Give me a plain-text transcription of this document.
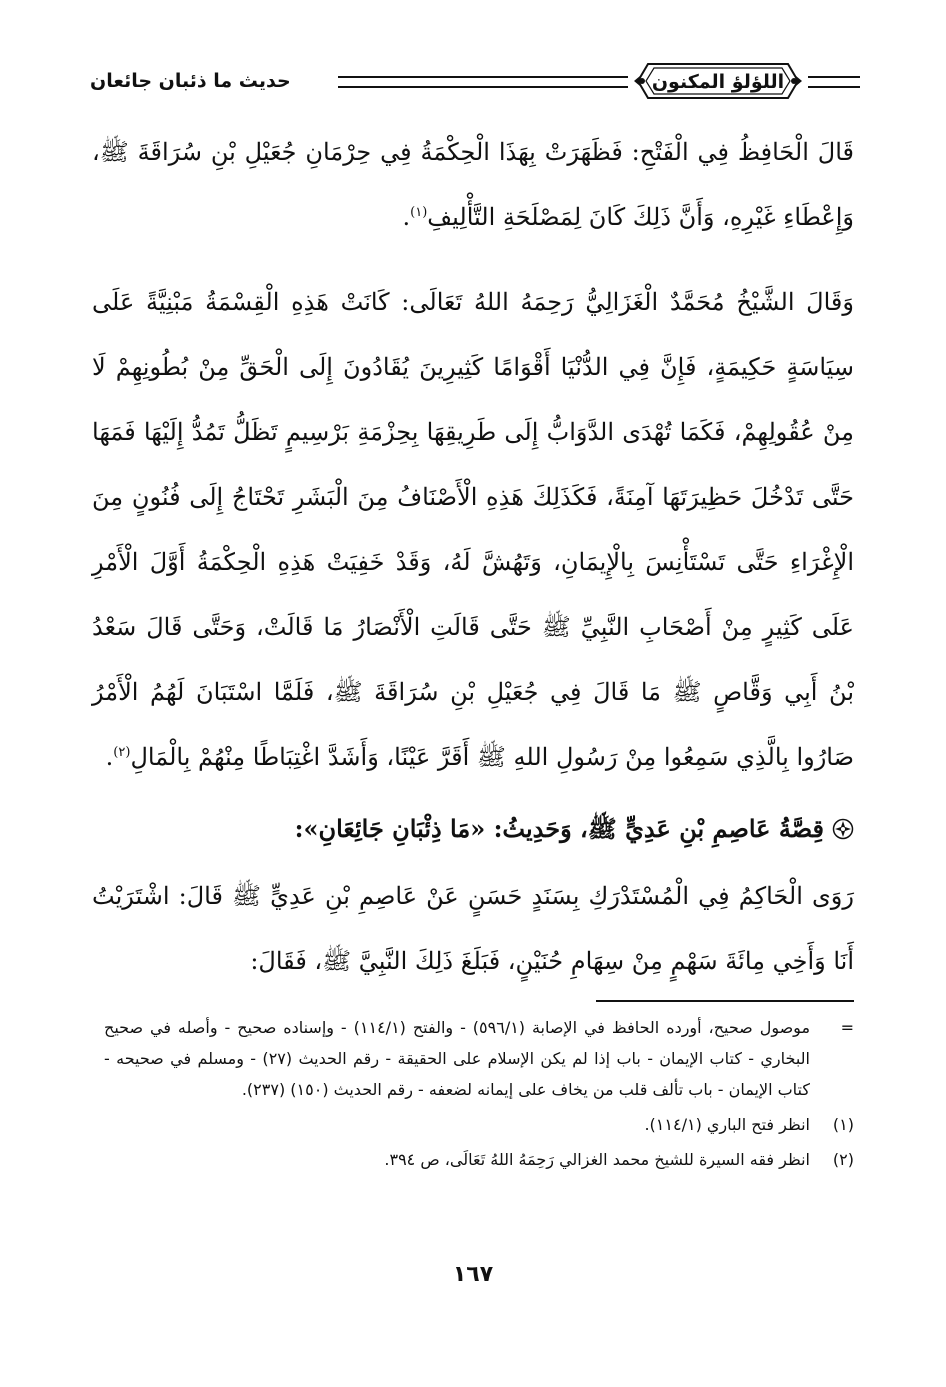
اللؤلؤ المكنون
حديث ما ذئبان جائعان

قَالَ الْحَافِظُ فِي الْفَتْحِ: فَظَهَرَتْ بِهَذَا الْحِكْمَةُ فِي حِرْمَانِ جُعَيْلِ بْنِ سُرَاقَةَ ﷺ، وَإِعْطَاءِ غَيْرِهِ، وَأَنَّ ذَلِكَ كَانَ لِمَصْلَحَةِ التَّأْلِيفِ$^{(١)}$.

وَقَالَ الشَّيْخُ مُحَمَّدٌ الْغَزَالِيُّ رَحِمَهُ اللهُ تَعَالَى: كَانَتْ هَذِهِ الْقِسْمَةُ مَبْنِيَّةً عَلَى سِيَاسَةٍ حَكِيمَةٍ، فَإِنَّ فِي الدُّنْيَا أَقْوَامًا كَثِيرِينَ يُقَادُونَ إِلَى الْحَقِّ مِنْ بُطُونِهِمْ لَا مِنْ عُقُولِهِمْ، فَكَمَا تُهْدَى الدَّوَابُّ إِلَى طَرِيقِهَا بِحِزْمَةِ بَرْسِيمٍ تَظَلُّ تَمُدُّ إِلَيْهَا فَمَهَا حَتَّى تَدْخُلَ حَظِيرَتَهَا آمِنَةً، فَكَذَلِكَ هَذِهِ الْأَصْنَافُ مِنَ الْبَشَرِ تَحْتَاجُ إِلَى فُنُونٍ مِنَ الْإِغْرَاءِ حَتَّى تَسْتَأْنِسَ بِالْإِيمَانِ، وَتَهُشَّ لَهُ، وَقَدْ خَفِيَتْ هَذِهِ الْحِكْمَةُ أَوَّلَ الْأَمْرِ عَلَى كَثِيرٍ مِنْ أَصْحَابِ النَّبِيِّ ﷺ حَتَّى قَالَتِ الْأَنْصَارُ مَا قَالَتْ، وَحَتَّى قَالَ سَعْدُ بْنُ أَبِي وَقَّاصٍ ﷺ مَا قَالَ فِي جُعَيْلِ بْنِ سُرَاقَةَ ﷺ، فَلَمَّا اسْتَبَانَ لَهُمُ الْأَمْرُ صَارُوا بِالَّذِي سَمِعُوا مِنْ رَسُولِ اللهِ ﷺ أَقَرَّ عَيْنًا، وَأَشَدَّ اغْتِبَاطًا مِنْهُمْ بِالْمَالِ$^{(٢)}$.

قِصَّةُ عَاصِمِ بْنِ عَدِيٍّ ﷺ، وَحَدِيثُ: «مَا ذِئْبَانِ جَائِعَانِ»:

رَوَى الْحَاكِمُ فِي الْمُسْتَدْرَكِ بِسَنَدٍ حَسَنٍ عَنْ عَاصِمِ بْنِ عَدِيٍّ ﷺ قَالَ: اشْتَرَيْتُ أَنَا وَأَخِي مِائَةَ سَهْمٍ مِنْ سِهَامِ حُنَيْنٍ، فَبَلَغَ ذَلِكَ النَّبِيَّ ﷺ، فَقَالَ:

=
موصول صحيح، أورده الحافظ في الإصابة (٥٩٦/١) - والفتح (١١٤/١) - وإسناده صحيح - وأصله في صحيح البخاري - كتاب الإيمان - باب إذا لم يكن الإسلام على الحقيقة - رقم الحديث (٢٧) - ومسلم في صحيحه - كتاب الإيمان - باب تألف قلب من يخاف على إيمانه لضعفه - رقم الحديث (١٥٠) (٢٣٧).
(١)
انظر فتح الباري (١١٤/١).
(٢)
انظر فقه السيرة للشيخ محمد الغزالي رَحِمَهُ اللهُ تَعَالَى، ص ٣٩٤.
١٦٧
